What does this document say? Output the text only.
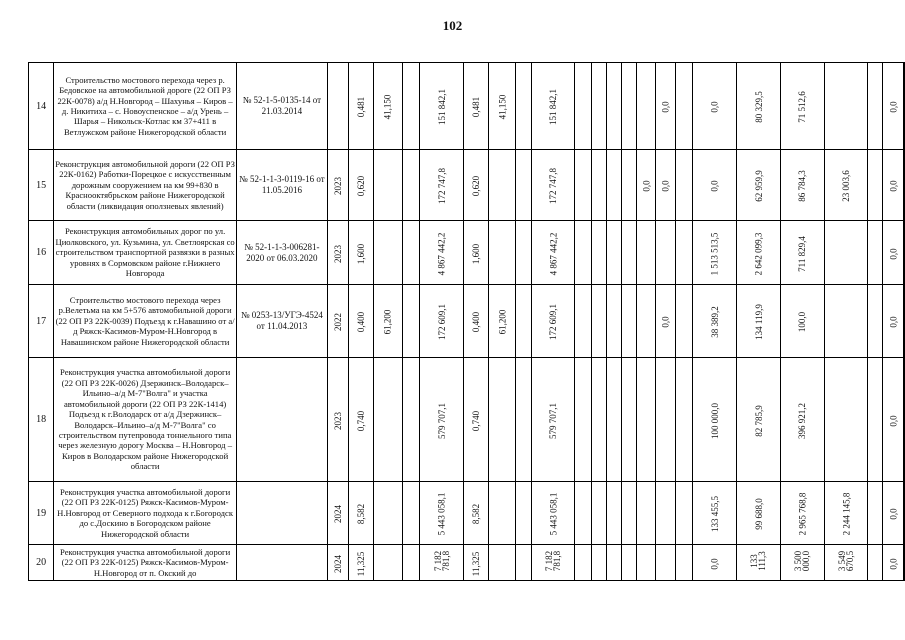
102
14	Строительство мостового перехода через р. Бедовское на автомобильной дороге (22 ОП РЗ 22К-0078) а/д Н.Новгород – Шахунья – Киров – д. Никитиха – с. Новоуспенское – а/д Урень – Шарья – Никольск-Котлас км 37+411 в Ветлужском районе Нижегородской области	№ 52-1-5-0135-14 от 21.03.2014		0,481	41,150		151 842,1	0,481	41,150		151 842,1						0,0		0,0	80 329,5	71 512,6			0,0	
15	Реконструкция автомобильной дороги (22 ОП РЗ 22К-0162) Работки-Порецкое с искусственным дорожным сооружением на км 99+830 в Краснооктябрьском районе Нижегородской области (ликвидация оползневых явлений)	№ 52-1-1-3-0119-16 от 11.05.2016	2023	0,620			172 747,8	0,620			172 747,8					0,0	0,0		0,0	62 959,9	86 784,3	23 003,6		0,0	
16	Реконструкция автомобильных дорог по ул. Циолковского, ул. Кузьмина, ул. Светлоярская со строительством транспортной развязки в разных уровнях в Сормовском районе г.Нижнего Новгорода	№ 52-1-1-3-006281-2020 от 06.03.2020	2023	1,600			4 867 442,2	1,600			4 867 442,2								1 513 513,5	2 642 099,3	711 829,4			0,0	
17	Строительство мостового перехода через р.Велетьма на км 5+576 автомобильной дороги (22 ОП РЗ 22К-0039) Подъезд к г.Навашино от а/д Ряжск-Касимов-Муром-Н.Новгород в Навашинском районе Нижегородской области	№ 0253-13/УГЭ-4524 от 11.04.2013	2022	0,400	61,200		172 609,1	0,400	61,200		172 609,1						0,0		38 389,2	134 119,9	100,0			0,0	
18	Реконструкция участка автомобильной дороги (22 ОП РЗ 22К-0026) Дзержинск–Володарск–Ильино–а/д М-7"Волга" и участка автомобильной дороги (22 ОП РЗ 22К-1414) Подъезд к г.Володарск от а/д Дзержинск–Володарск–Ильино–а/д М-7"Волга" со строительством путепровода тоннельного типа через железную дорогу Москва – Н.Новгород – Киров в Володарском районе Нижегородской области		2023	0,740			579 707,1	0,740			579 707,1								100 000,0	82 785,9	396 921,2			0,0	
19	Реконструкция участка автомобильной дороги (22 ОП РЗ 22К-0125) Ряжск-Касимов-Муром-Н.Новгород от Северного подхода к г.Богородск до с.Доскино в Богородском районе Нижегородской области		2024	8,582			5 443 058,1	8,582			5 443 058,1								133 455,5	99 688,0	2 965 768,8	2 244 145,8		0,0	
20	Реконструкция участка автомобильной дороги (22 ОП РЗ 22К-0125) Ряжск-Касимов-Муром-Н.Новгород от п. Окский до		2024	11,325			7 182 781,8	11,325			7 182 781,8								0,0	133 111,3	3 500 000,0	3 549 670,5		0,0	
